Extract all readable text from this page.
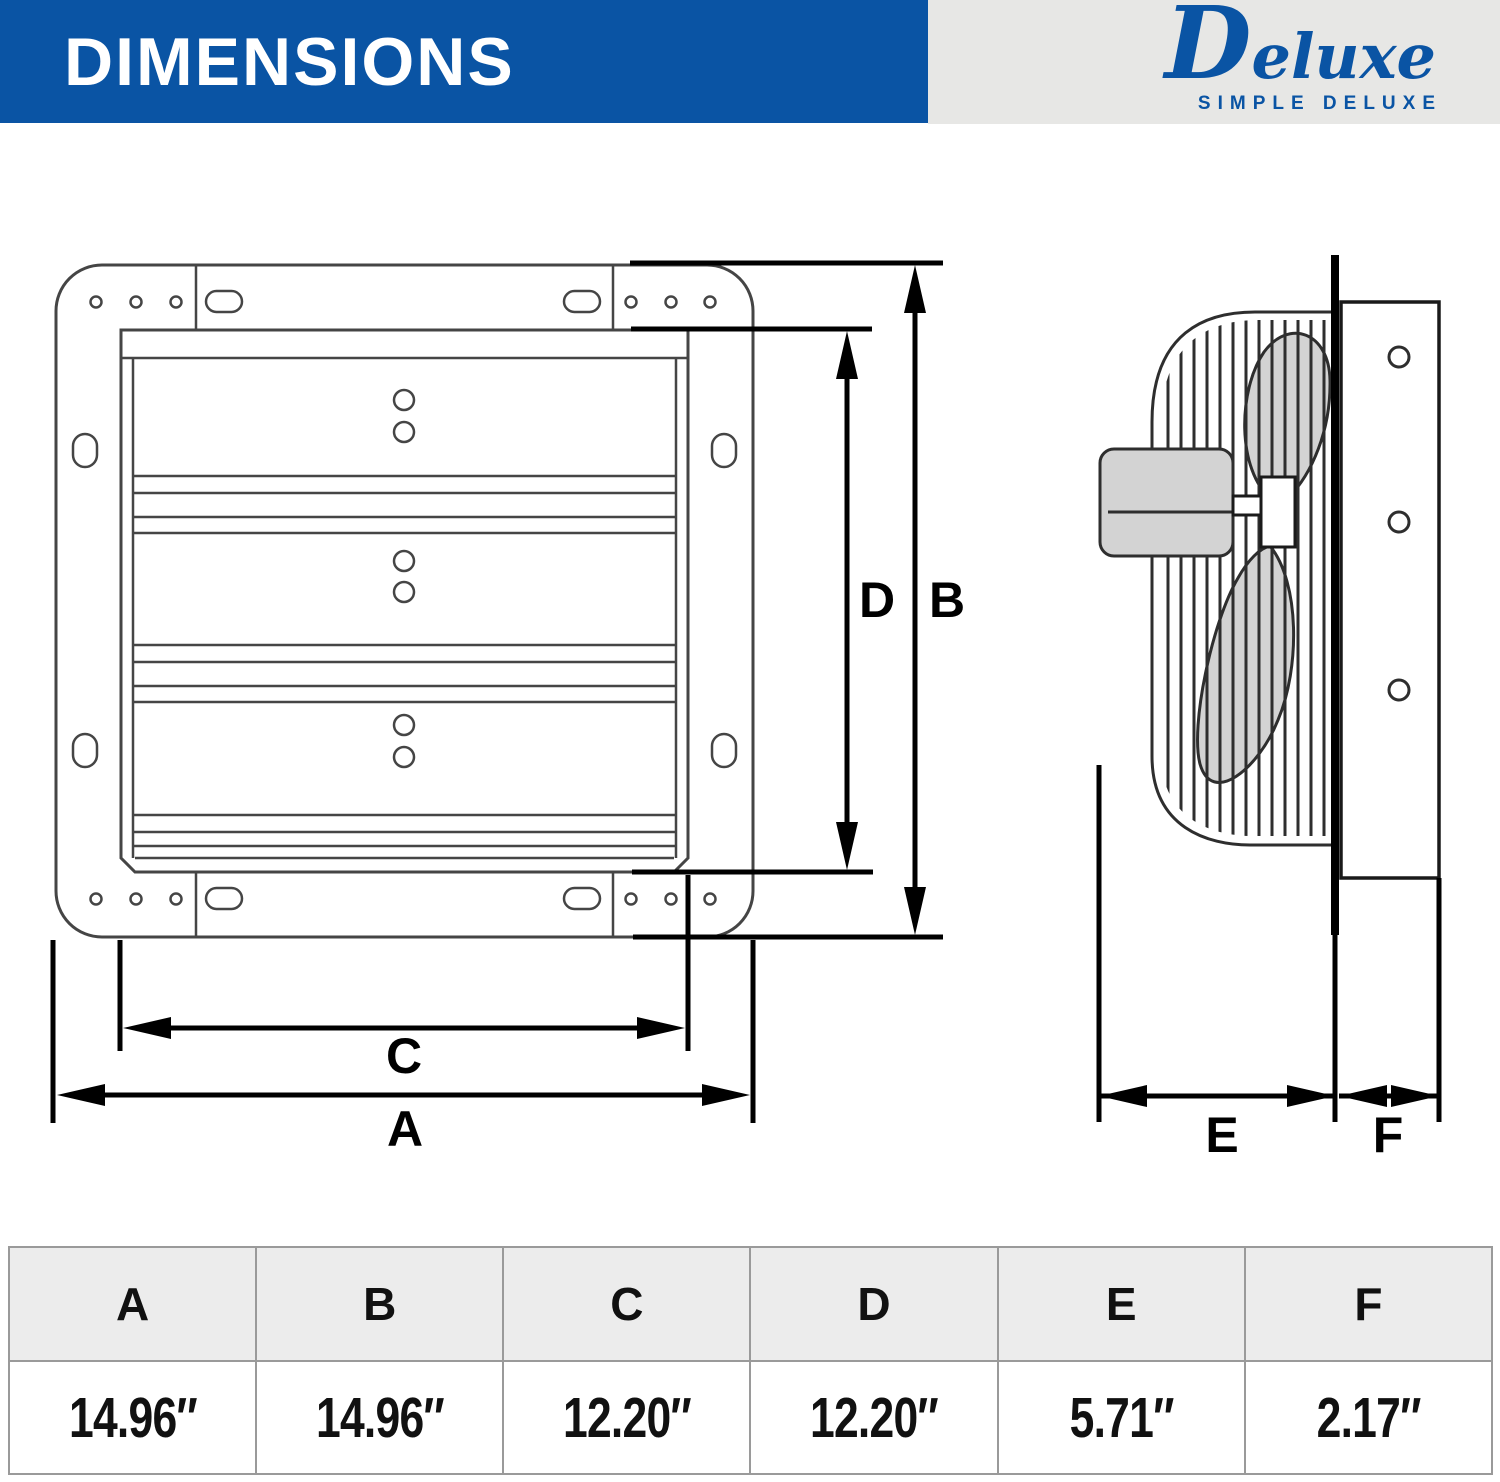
DIMENSIONS	Deluxe
SIMPLE DELUXE
D B
C
A	E	F
A	B	C	D	E	F
14.96″	14.96″	12.20″	12.20″	5.71″	2.17″
